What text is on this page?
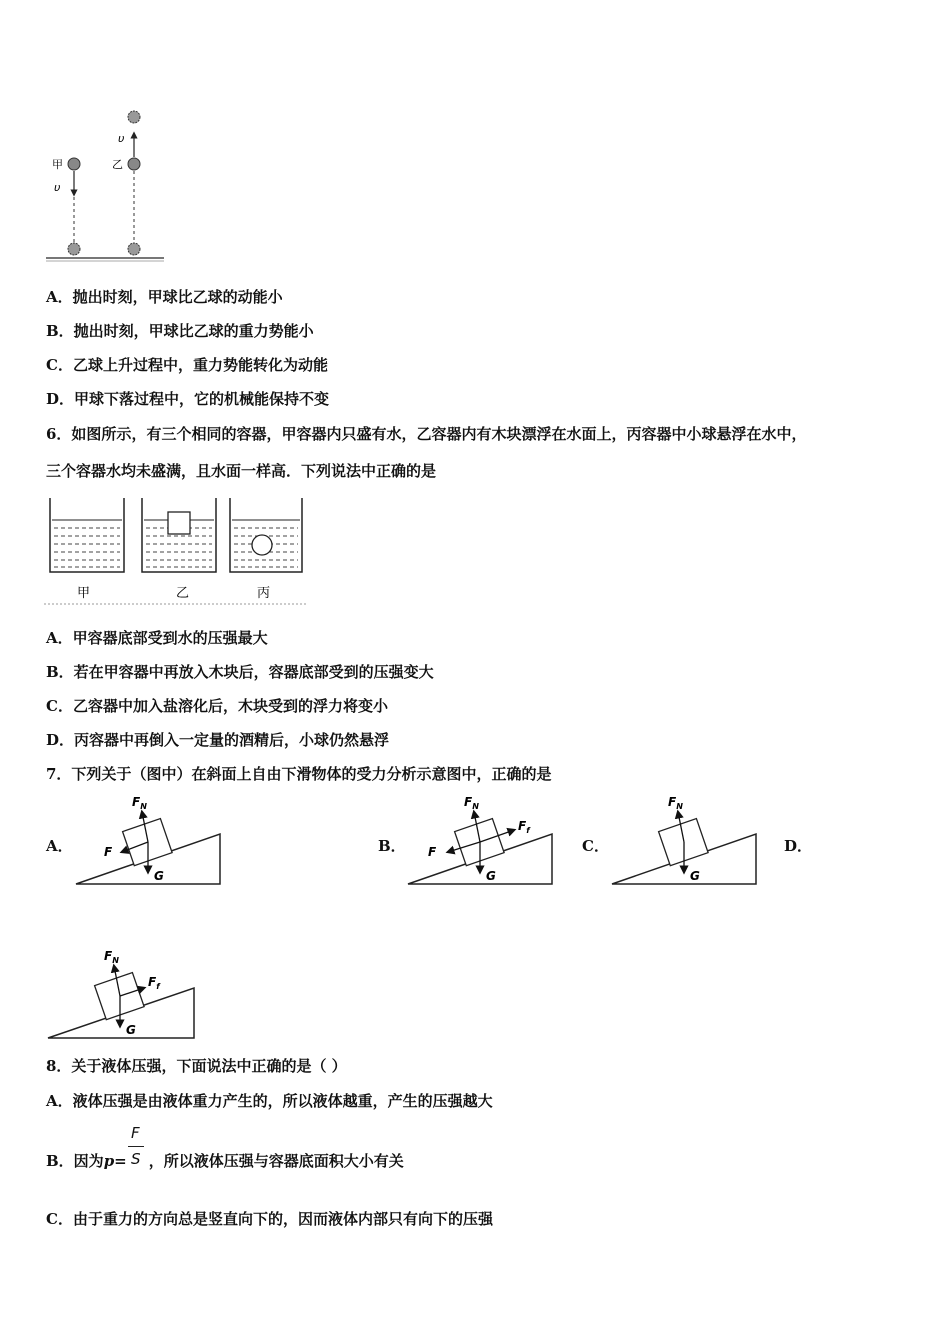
甲
υ
乙
υ
A．抛出时刻，甲球比乙球的动能小
B．抛出时刻，甲球比乙球的重力势能小
C．乙球上升过程中，重力势能转化为动能
D．甲球下落过程中，它的机械能保持不变
6．如图所示，有三个相同的容器，甲容器内只盛有水，乙容器内有木块漂浮在水面上，丙容器中小球悬浮在水中，
三个容器水均未盛满，且水面一样高．下列说法中正确的是
甲	乙	丙
A．甲容器底部受到水的压强最大
B．若在甲容器中再放入木块后，容器底部受到的压强变大
C．乙容器中加入盐溶化后，木块受到的浮力将变小
D．丙容器中再倒入一定量的酒精后，小球仍然悬浮
7．下列关于（图中）在斜面上自由下滑物体的受力分析示意图中，正确的是
A．	B．	C．	D．
$F_N$
F
G
$F_N$
F
$F_f$
G
$F_N$
G
$F_N$
$F_f$
G
8．关于液体压强，下面说法中正确的是（ ）
A．液体压强是由液体重力产生的，所以液体越重，产生的压强越大
B．因为p= ，所以液体压强与容器底面积大小有关
F
S
C．由于重力的方向总是竖直向下的，因而液体内部只有向下的压强
